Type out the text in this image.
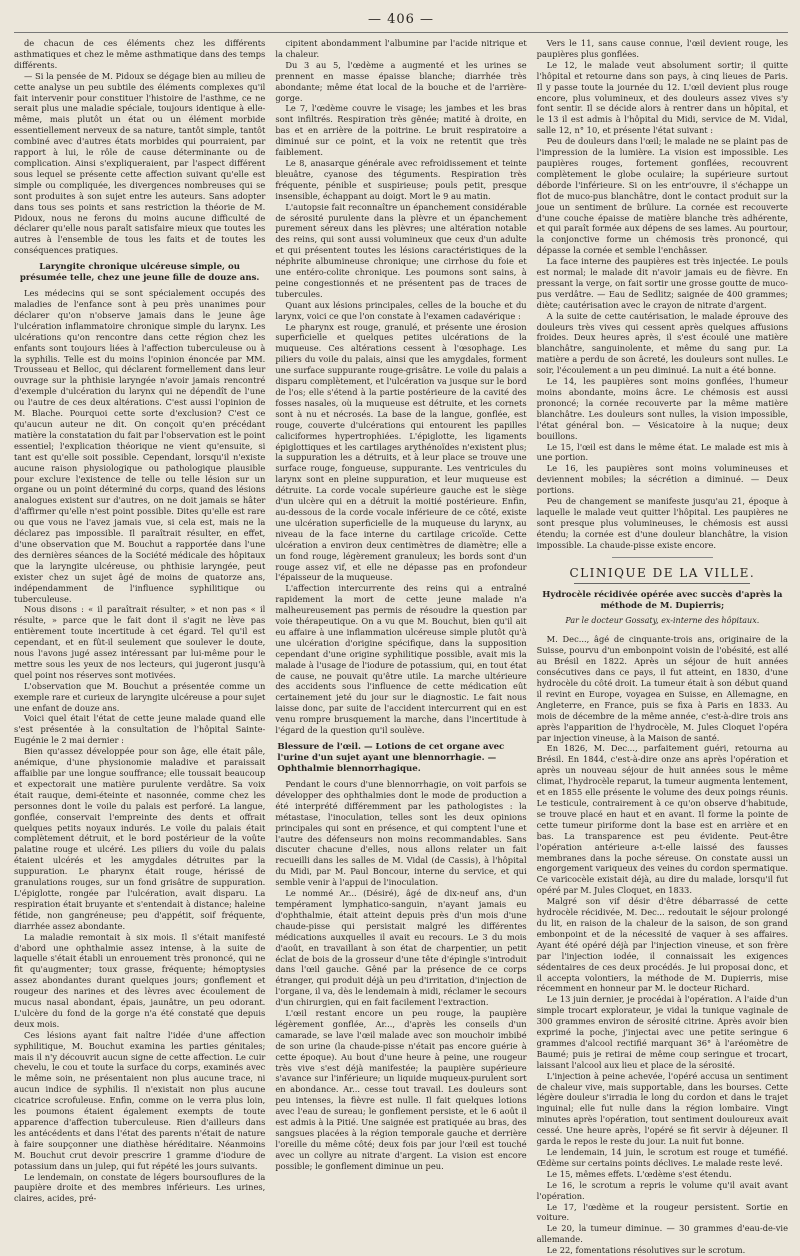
— 406 —

de chacun de ces éléments chez les différents asthmatiques et chez le même asthmatique dans des temps différents.

— Si la pensée de M. Pidoux se dégage bien au milieu de cette analyse un peu subtile des éléments complexes qu'il fait intervenir pour constituer l'histoire de l'asthme, ce ne serait plus une maladie spéciale, toujours identique à elle-même, mais plutôt un état ou un élément morbide essentiellement nerveux de sa nature, tantôt simple, tantôt combiné avec d'autres états morbides qui pourraient, par rapport à lui, le rôle de cause déterminante ou de complication. Ainsi s'expliqueraient, par l'aspect différent sous lequel se présente cette affection suivant qu'elle est simple ou compliquée, les divergences nombreuses qui se sont produites à son sujet entre les auteurs. Sans adopter dans tous ses points et sans restriction la théorie de M. Pidoux, nous ne ferons du moins aucune difficulté de déclarer qu'elle nous paraît satisfaire mieux que toutes les autres à l'ensemble de tous les faits et de toutes les conséquences pratiques.

Laryngite chronique ulcéreuse simple, ou présumée telle, chez une jeune fille de douze ans.

Les médecins qui se sont spécialement occupés des maladies de l'enfance sont à peu près unanimes pour déclarer qu'on n'observe jamais dans le jeune âge l'ulcération inflammatoire chronique simple du larynx. Les ulcérations qu'on rencontre dans cette région chez les enfants sont toujours liées à l'affection tuberculeuse ou à la syphilis. Telle est du moins l'opinion énoncée par MM. Trousseau et Belloc, qui déclarent formellement dans leur ouvrage sur la phthisie laryngée n'avoir jamais rencontré d'exemple d'ulcération du larynx qui ne dépendît de l'une ou l'autre de ces deux altérations. C'est aussi l'opinion de M. Blache. Pourquoi cette sorte d'exclusion? C'est ce qu'aucun auteur ne dit. On conçoit qu'en précédant matière la constatation du fait par l'observation est le point essentiel; l'explication théorique ne vient qu'ensuite, si tant est qu'elle soit possible. Cependant, lorsqu'il n'existe aucune raison physiologique ou pathologique plausible pour exclure l'existence de telle ou telle lésion sur un organe ou un point déterminé du corps, quand des lésions analogues existent sur d'autres, on ne doit jamais se hâter d'affirmer qu'elle n'est point possible. Dites qu'elle est rare ou que vous ne l'avez jamais vue, si cela est, mais ne la déclarez pas impossible. Il paraîtrait résulter, en effet, d'une observation que M. Bouchut a rapportée dans l'une des dernières séances de la Société médicale des hôpitaux que la laryngite ulcéreuse, ou phthisie laryngée, peut exister chez un sujet âgé de moins de quatorze ans, indépendamment de l'influence syphilitique ou tuberculeuse.

Nous disons : « il paraîtrait résulter, » et non pas « il résulte, » parce que le fait dont il s'agit ne lève pas entièrement toute incertitude à cet égard. Tel qu'il est cependant, et en fût-il seulement que soulever le doute, nous l'avons jugé assez intéressant par lui-même pour le mettre sous les yeux de nos lecteurs, qui jugeront jusqu'à quel point nos réserves sont motivées.

L'observation que M. Bouchut a présentée comme un exemple rare et curieux de laryngite ulcéreuse a pour sujet une enfant de douze ans.

Voici quel était l'état de cette jeune malade quand elle s'est présentée à la consultation de l'hôpital Sainte-Eugénie le 2 mai dernier :

Bien qu'assez développée pour son âge, elle était pâle, anémique, d'une physionomie maladive et paraissait affaiblie par une longue souffrance; elle toussait beaucoup et expectorait une matière purulente verdâtre. Sa voix était rauque, demi-éteinte et nasonnée, comme chez les personnes dont le voile du palais est perforé. La langue, gonflée, conservait l'empreinte des dents et offrait quelques petits noyaux indurés. Le voile du palais était complètement détruit, et le bord postérieur de la voûte palatine rouge et ulcéré. Les piliers du voile du palais étaient ulcérés et les amygdales détruites par la suppuration. Le pharynx était rouge, hérissé de granulations rouges, sur un fond grisâtre de suppuration. L'épiglotte, rongée par l'ulcération, avait disparu. La respiration était bruyante et s'entendait à distance; haleine fétide, non gangréneuse; peu d'appétit, soif fréquente, diarrhée assez abondante.

La maladie remontait à six mois. Il s'était manifesté d'abord une ophthalmie assez intense, à la suite de laquelle s'était établi un enrouement très prononcé, qui ne fit qu'augmenter; toux grasse, fréquente; hémoptysies assez abondantes durant quelques jours; gonflement et rougeur des narines et des lèvres avec écoulement de mucus nasal abondant, épais, jaunâtre, un peu odorant. L'ulcère du fond de la gorge n'a été constaté que depuis deux mois.

Ces lésions ayant fait naître l'idée d'une affection syphilitique, M. Bouchut examina les parties génitales; mais il n'y découvrit aucun signe de cette affection. Le cuir chevelu, le cou et toute la surface du corps, examinés avec le même soin, ne présentaient non plus aucune trace, ni aucun indice de syphilis. Il n'existait non plus aucune cicatrice scrofuleuse. Enfin, comme on le verra plus loin, les poumons étaient également exempts de toute apparence d'affection tuberculeuse. Rien d'ailleurs dans les antécédents et dans l'état des parents n'était de nature à faire soupçonner une diathèse héréditaire. Néanmoins M. Bouchut crut devoir prescrire 1 gramme d'iodure de potassium dans un julep, qui fut répété les jours suivants.

Le lendemain, on constate de légers boursouflures de la paupière droite et des membres inférieurs. Les urines, claires, acides, pré-

cipitent abondamment l'albumine par l'acide nitrique et la chaleur.

Du 3 au 5, l'œdème a augmenté et les urines se prennent en masse épaisse blanche; diarrhée très abondante; même état local de la bouche et de l'arrière-gorge.

Le 7, l'œdème couvre le visage; les jambes et les bras sont infiltrés. Respiration très gênée; matité à droite, en bas et en arrière de la poitrine. Le bruit respiratoire a diminué sur ce point, et la voix ne retentit que très faiblement.

Le 8, anasarque générale avec refroidissement et teinte bleuâtre, cyanose des téguments. Respiration très fréquente, pénible et suspirieuse; pouls petit, presque insensible, échappant au doigt. Mort le 9 au matin.

L'autopsie fait reconnaître un épanchement considérable de sérosité purulente dans la plèvre et un épanchement purement séreux dans les plèvres; une altération notable des reins, qui sont aussi volumineux que ceux d'un adulte et qui présentent toutes les lésions caractéristiques de la néphrite albumineuse chronique; une cirrhose du foie et une entéro-colite chronique. Les poumons sont sains, à peine congestionnés et ne présentent pas de traces de tubercules.

Quant aux lésions principales, celles de la bouche et du larynx, voici ce que l'on constate à l'examen cadavérique :

Le pharynx est rouge, granulé, et présente une érosion superficielle et quelques petites ulcérations de la muqueuse. Ces altérations cessent à l'œsophage. Les piliers du voile du palais, ainsi que les amygdales, forment une surface suppurante rouge-grisâtre. Le voile du palais a disparu complètement, et l'ulcération va jusque sur le bord de l'os; elle s'étend à la partie postérieure de la cavité des fosses nasales, où la muqueuse est détruite, et les cornets sont à nu et nécrosés. La base de la langue, gonflée, est rouge, couverte d'ulcérations qui entourent les papilles caliciformes hypertrophiées. L'épiglotte, les ligaments épiglottiques et les cartilages arythénoïdes n'existent plus; la suppuration les a détruits, et à leur place se trouve une surface rouge, fongueuse, suppurante. Les ventricules du larynx sont en pleine suppuration, et leur muqueuse est détruite. La corde vocale supérieure gauche est le siège d'un ulcère qui en a détruit la moitié postérieure. Enfin, au-dessous de la corde vocale inférieure de ce côté, existe une ulcération superficielle de la muqueuse du larynx, au niveau de la face interne du cartilage cricoïde. Cette ulcération a environ deux centimètres de diamètre; elle a un fond rouge, légèrement granuleux; les bords sont d'un rouge assez vif, et elle ne dépasse pas en profondeur l'épaisseur de la muqueuse.

L'affection intercurrente des reins qui a entraîné rapidement la mort de cette jeune malade n'a malheureusement pas permis de résoudre la question par voie thérapeutique. On a vu que M. Bouchut, bien qu'il ait eu affaire à une inflammation ulcéreuse simple plutôt qu'à une ulcération d'origine spécifique, dans la supposition cependant d'une origine syphilitique possible, avait mis la malade à l'usage de l'iodure de potassium, qui, en tout état de cause, ne pouvait qu'être utile. La marche ultérieure des accidents sous l'influence de cette médication eût certainement jeté du jour sur le diagnostic. Le fait nous laisse donc, par suite de l'accident intercurrent qui en est venu rompre brusquement la marche, dans l'incertitude à l'égard de la question qu'il soulève.

Blessure de l'œil. — Lotions de cet organe avec l'urine d'un sujet ayant une blennorrhagie. — Ophthalmie blennorrhagique.

Pendant le cours d'une blennorrhagie, on voit parfois se développer des ophthalmies dont le mode de production a été interprété différemment par les pathologistes : la métastase, l'inoculation, telles sont les deux opinions principales qui sont en présence, et qui comptent l'une et l'autre des défenseurs non moins recommandables. Sans discuter chacune d'elles, nous allons relater un fait recueilli dans les salles de M. Vidal (de Cassis), à l'hôpital du Midi, par M. Paul Boncour, interne du service, et qui semble venir à l'appui de l'inoculation.

Le nommé Ar... (Désiré), âgé de dix-neuf ans, d'un tempérament lymphatico-sanguin, n'ayant jamais eu d'ophthalmie, était atteint depuis près d'un mois d'une chaude-pisse qui persistait malgré les différentes médications auxquelles il avait eu recours. Le 3 du mois d'août, en travaillant à son état de charpentier, un petit éclat de bois de la grosseur d'une tête d'épingle s'introduit dans l'œil gauche. Gêné par la présence de ce corps étranger, qui produit déjà un peu d'irritation, d'injection de l'organe, il va, dès le lendemain à midi, réclamer le secours d'un chirurgien, qui en fait facilement l'extraction.

L'œil restant encore un peu rouge, la paupière légèrement gonflée, Ar..., d'après les conseils d'un camarade, se lave l'œil malade avec son mouchoir imbibé de son urine (la chaude-pisse n'était pas encore guérie à cette époque). Au bout d'une heure à peine, une rougeur très vive s'est déjà manifestée; la paupière supérieure s'avance sur l'inférieure; un liquide muqueux-purulent sort en abondance. Ar... cesse tout travail. Les douleurs sont peu intenses, la fièvre est nulle. Il fait quelques lotions avec l'eau de sureau; le gonflement persiste, et le 6 août il est admis à la Pitié. Une saignée est pratiquée au bras, des sangsues placées à la région temporale gauche et derrière l'oreille du même côté; deux fois par jour l'œil est touché avec un collyre au nitrate d'argent. La vision est encore possible; le gonflement diminue un peu.

Vers le 11, sans cause connue, l'œil devient rouge, les paupières plus gonflées.

Le 12, le malade veut absolument sortir; il quitte l'hôpital et retourne dans son pays, à cinq lieues de Paris. Il y passe toute la journée du 12. L'œil devient plus rouge encore, plus volumineux, et des douleurs assez vives s'y font sentir. Il se décide alors à rentrer dans un hôpital, et le 13 il est admis à l'hôpital du Midi, service de M. Vidal, salle 12, n° 10, et présente l'état suivant :

Peu de douleurs dans l'œil; le malade ne se plaint pas de l'impression de la lumière. La vision est impossible. Les paupières rouges, fortement gonflées, recouvrent complètement le globe oculaire; la supérieure surtout déborde l'inférieure. Si on les entr'ouvre, il s'échappe un flot de muco-pus blanchâtre, dont le contact produit sur la joue un sentiment de brûlure. La cornée est recouverte d'une couche épaisse de matière blanche très adhérente, et qui paraît formée aux dépens de ses lames. Au pourtour, la conjonctive forme un chémosis très prononcé, qui dépasse la cornée et semble l'enchâsser.

La face interne des paupières est très injectée. Le pouls est normal; le malade dit n'avoir jamais eu de fièvre. En pressant la verge, on fait sortir une grosse goutte de muco-pus verdâtre. — Eau de Sedlitz; saignée de 400 grammes; diète; cautérisation avec le crayon de nitrate d'argent.

A la suite de cette cautérisation, le malade éprouve des douleurs très vives qui cessent après quelques affusions froides. Deux heures après, il s'est écoulé une matière blanchâtre, sanguinolente, et même du sang pur. La matière a perdu de son âcreté, les douleurs sont nulles. Le soir, l'écoulement a un peu diminué. La nuit a été bonne.

Le 14, les paupières sont moins gonflées, l'humeur moins abondante, moins âcre. Le chémosis est aussi prononcé; la cornée recouverte par la même matière blanchâtre. Les douleurs sont nulles, la vision impossible, l'état général bon. — Vésicatoire à la nuque; deux bouillons.

Le 15, l'œil est dans le même état. Le malade est mis à une portion.

Le 16, les paupières sont moins volumineuses et deviennent mobiles; la sécrétion a diminué. — Deux portions.

Peu de changement se manifeste jusqu'au 21, époque à laquelle le malade veut quitter l'hôpital. Les paupières ne sont presque plus volumineuses, le chémosis est aussi étendu; la cornée est d'une douleur blanchâtre, la vision impossible. La chaude-pisse existe encore.

CLINIQUE DE LA VILLE.
Hydrocèle récidivée opérée avec succès d'après la méthode de M. Dupierris;
Par le docteur Gossaty, ex-interne des hôpitaux.

M. Dec..., âgé de cinquante-trois ans, originaire de la Suisse, pourvu d'un embonpoint voisin de l'obésité, est allé au Brésil en 1822. Après un séjour de huit années consécutives dans ce pays, il fut atteint, en 1830, d'une hydrocèle du côté droit. La tumeur était à son début quand il revint en Europe, voyagea en Suisse, en Allemagne, en Angleterre, en France, puis se fixa à Paris en 1833. Au mois de décembre de la même année, c'est-à-dire trois ans après l'apparition de l'hydrocèle, M. Jules Cloquet l'opéra par injection vineuse, à la Maison de santé.

En 1826, M. Dec..., parfaitement guéri, retourna au Brésil. En 1844, c'est-à-dire onze ans après l'opération et après un nouveau séjour de huit années sous le même climat, l'hydrocèle reparut, la tumeur augmenta lentement, et en 1855 elle présente le volume des deux poings réunis. Le testicule, contrairement à ce qu'on observe d'habitude, se trouve placé en haut et en avant. Il forme la pointe de cette tumeur piriforme dont la base est en arrière et en bas. La transparence est peu évidente. Peut-être l'opération antérieure a-t-elle laissé des fausses membranes dans la poche séreuse. On constate aussi un engorgement variqueux des veines du cordon spermatique. Ce varicocèle existait déjà, au dire du malade, lorsqu'il fut opéré par M. Jules Cloquet, en 1833.

Malgré son vif désir d'être débarrassé de cette hydrocèle récidivée, M. Dec... redoutait le séjour prolongé du lit, en raison de la chaleur de la saison, de son grand embonpoint et de la nécessité de vaquer à ses affaires. Ayant été opéré déjà par l'injection vineuse, et son frère par l'injection iodée, il connaissait les exigences sédentaires de ces deux procédés. Je lui proposai donc, et il accepta volontiers, la méthode de M. Dupierris, mise récemment en honneur par M. le docteur Richard.

Le 13 juin dernier, je procédai à l'opération. A l'aide d'un simple trocart explorateur, je vidai la tunique vaginale de 300 grammes environ de sérosité citrine. Après avoir bien exprimé la poche, j'injectai avec une petite seringue 6 grammes d'alcool rectifié marquant 36° à l'aréomètre de Baumé; puis je retirai de même coup seringue et trocart, laissant l'alcool aux lieu et place de la sérosité.

L'injection à peine achevée, l'opéré accusa un sentiment de chaleur vive, mais supportable, dans les bourses. Cette légère douleur s'irradia le long du cordon et dans le trajet inguinal; elle fut nulle dans la région lombaire. Vingt minutes après l'opération, tout sentiment douloureux avait cessé. Une heure après, l'opéré se fit servir à déjeuner. Il garda le repos le reste du jour. La nuit fut bonne.

Le lendemain, 14 juin, le scrotum est rouge et tuméfié. Œdème sur certains points déclives. Le malade reste levé.

Le 15, mêmes effets. L'œdème s'est étendu.

Le 16, le scrotum a repris le volume qu'il avait avant l'opération.

Le 17, l'œdème et la rougeur persistent. Sortie en voiture.

Le 20, la tumeur diminue. — 30 grammes d'eau-de-vie allemande.

Le 22, fomentations résolutives sur le scrotum.
